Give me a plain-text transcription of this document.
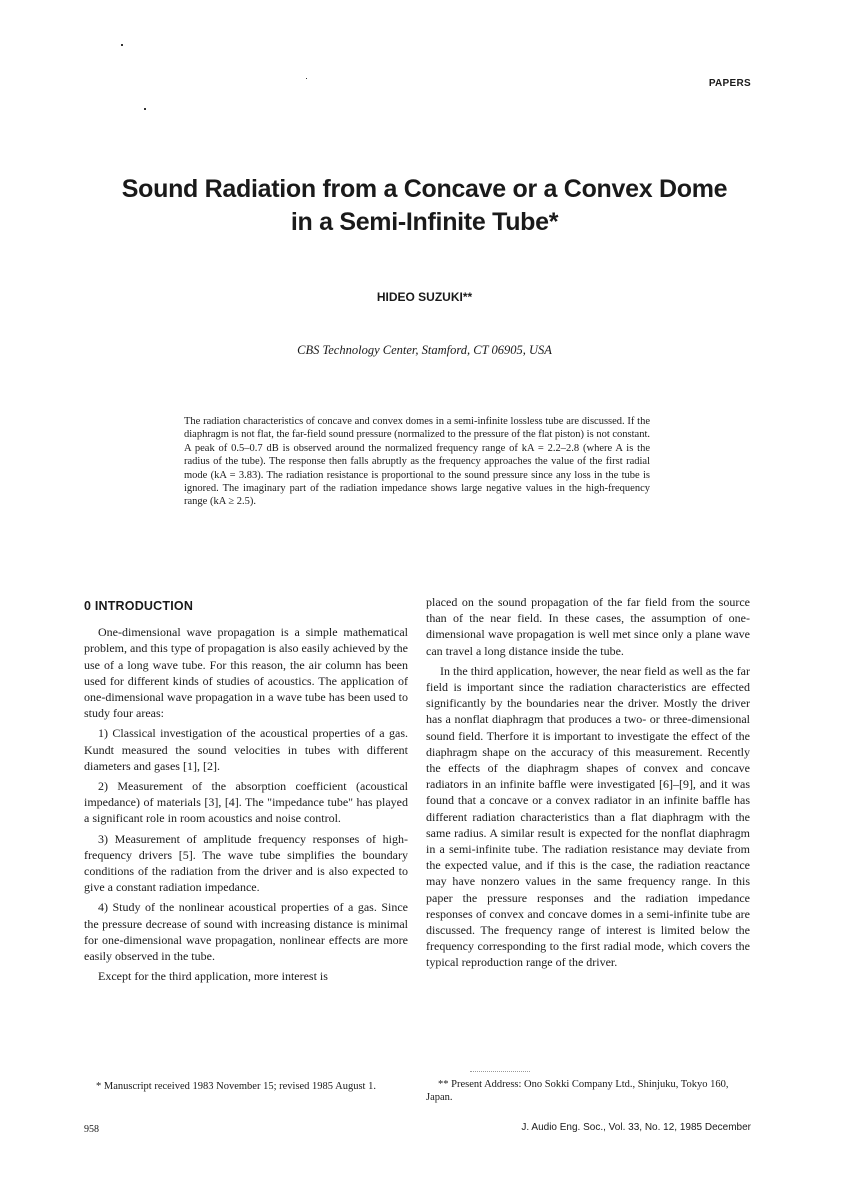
PAPERS
Sound Radiation from a Concave or a Convex Dome
in a Semi-Infinite Tube*
HIDEO SUZUKI**
CBS Technology Center, Stamford, CT 06905, USA
The radiation characteristics of concave and convex domes in a semi-infinite lossless tube are discussed. If the diaphragm is not flat, the far-field sound pressure (normalized to the pressure of the flat piston) is not constant. A peak of 0.5–0.7 dB is observed around the normalized frequency range of kA = 2.2–2.8 (where A is the radius of the tube). The response then falls abruptly as the frequency approaches the value of the first radial mode (kA = 3.83). The radiation resistance is proportional to the sound pressure since any loss in the tube is ignored. The imaginary part of the radiation impedance shows large negative values in the high-frequency range (kA ≥ 2.5).
0 INTRODUCTION

One-dimensional wave propagation is a simple mathematical problem, and this type of propagation is also easily achieved by the use of a long wave tube. For this reason, the air column has been used for different kinds of studies of acoustics. The application of one-dimensional wave propagation in a wave tube has been used to study four areas:

1) Classical investigation of the acoustical properties of a gas. Kundt measured the sound velocities in tubes with different diameters and gases [1], [2].

2) Measurement of the absorption coefficient (acoustical impedance) of materials [3], [4]. The "impedance tube" has played a significant role in room acoustics and noise control.

3) Measurement of amplitude frequency responses of high-frequency drivers [5]. The wave tube simplifies the boundary conditions of the radiation from the driver and is also expected to give a constant radiation impedance.

4) Study of the nonlinear acoustical properties of a gas. Since the pressure decrease of sound with increasing distance is minimal for one-dimensional wave propagation, nonlinear effects are more easily observed in the tube.

Except for the third application, more interest is

placed on the sound propagation of the far field from the source than of the near field. In these cases, the assumption of one-dimensional wave propagation is well met since only a plane wave can travel a long distance inside the tube.

In the third application, however, the near field as well as the far field is important since the radiation characteristics are effected significantly by the boundaries near the driver. Mostly the driver has a nonflat diaphragm that produces a two- or three-dimensional sound field. Therfore it is important to investigate the effect of the diaphragm shape on the accuracy of this measurement. Recently the effects of the diaphragm shapes of convex and concave radiators in an infinite baffle were investigated [6]–[9], and it was found that a concave or a convex radiator in an infinite baffle has different radiation characteristics than a flat diaphragm with the same radius. A similar result is expected for the nonflat diaphragm in a semi-infinite tube. The radiation resistance may deviate from the expected value, and if this is the case, the radiation reactance may have nonzero values in the same frequency range. In this paper the pressure responses and the radiation impedance responses of convex and concave domes in a semi-infinite tube are discussed. The frequency range of interest is limited below the frequency corresponding to the first radial mode, which covers the typical reproduction range of the driver.

* Manuscript received 1983 November 15; revised 1985 August 1.	** Present Address: Ono Sokki Company Ltd., Shinjuku, Tokyo 160, Japan.
958	J. Audio Eng. Soc., Vol. 33, No. 12, 1985 December
